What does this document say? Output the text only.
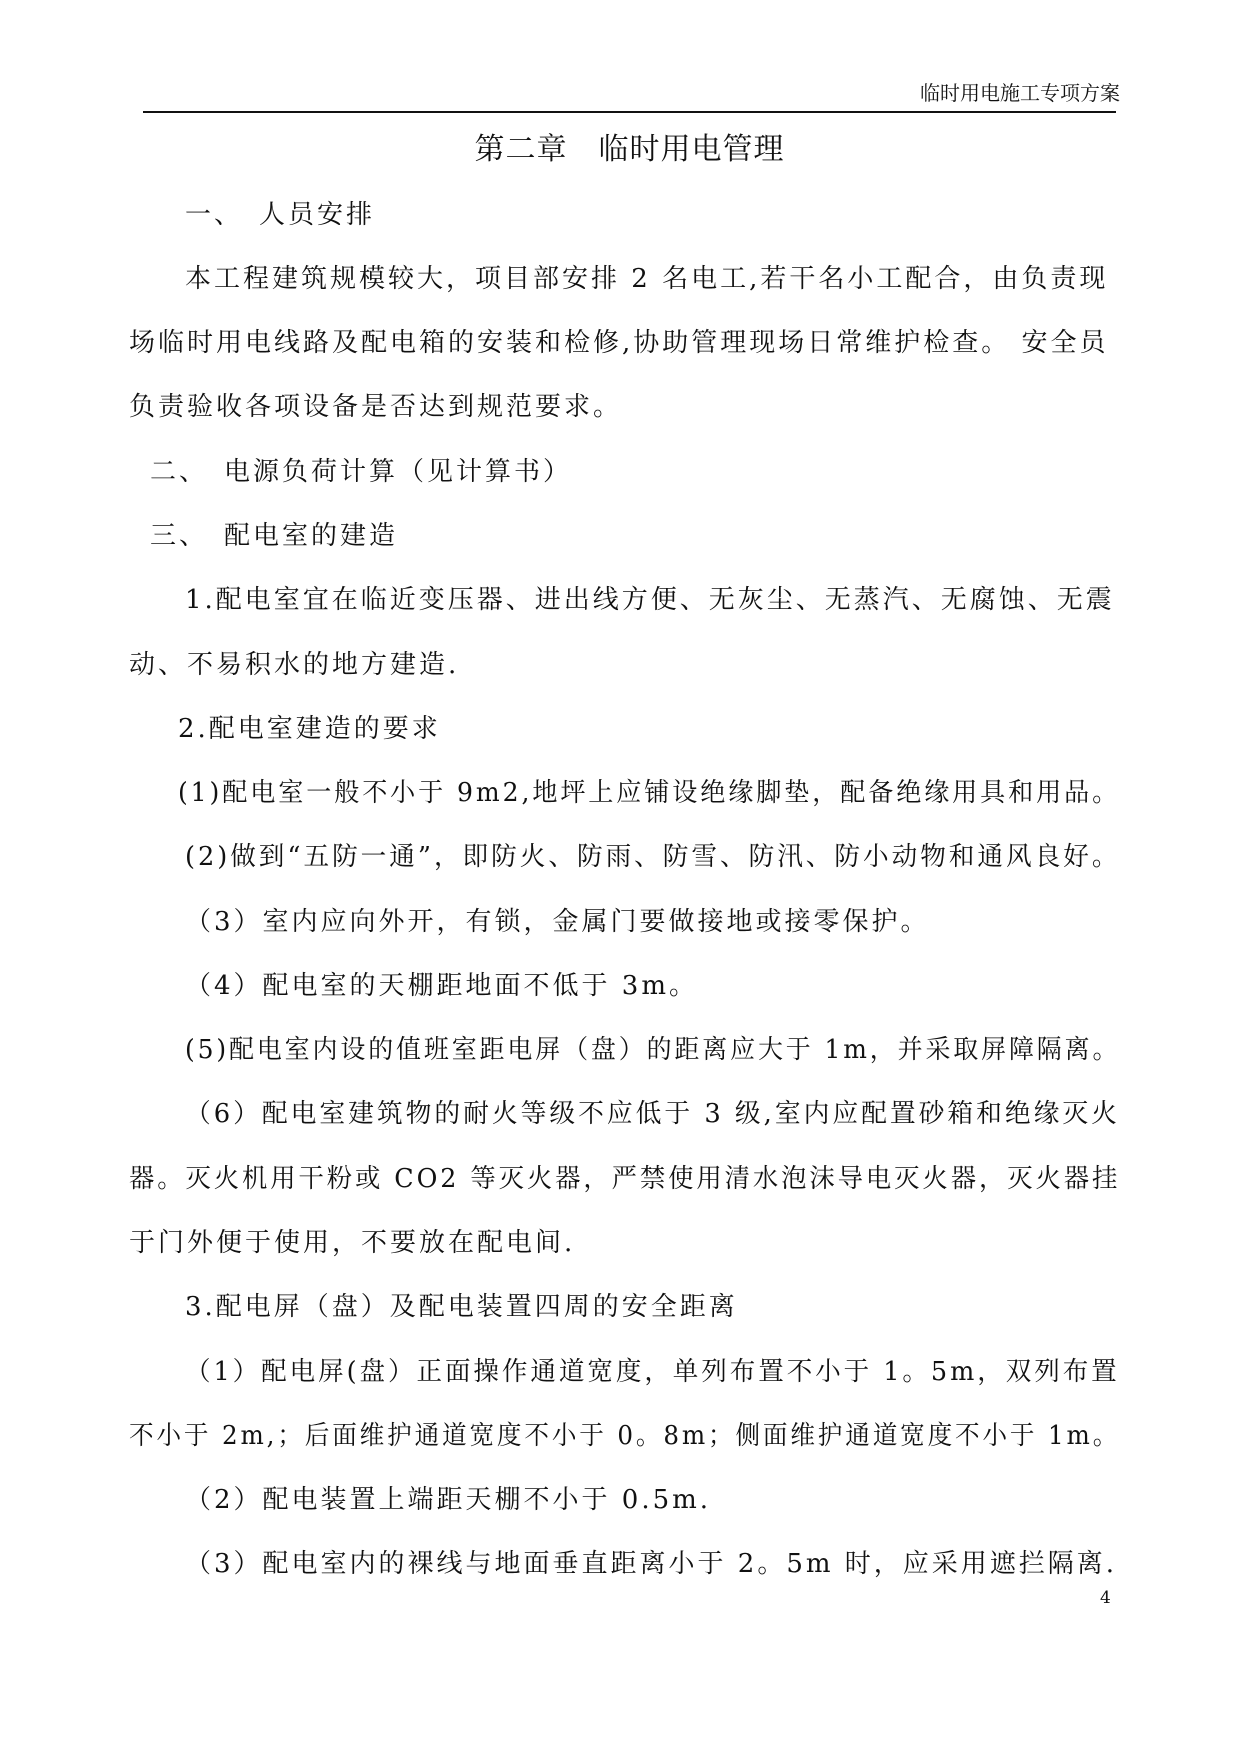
临时用电施工专项方案
第二章　临时用电管理
一、　人员安排
本工程建筑规模较大，项目部安排 2 名电工,若干名小工配合，由负责现
场临时用电线路及配电箱的安装和检修,协助管理现场日常维护检查。 安全员
负责验收各项设备是否达到规范要求。
二、　电源负荷计算（见计算书）
三、　配电室的建造
1.配电室宜在临近变压器、进出线方便、无灰尘、无蒸汽、无腐蚀、无震
动、不易积水的地方建造.
2.配电室建造的要求
(1)配电室一般不小于 9m2,地坪上应铺设绝缘脚垫，配备绝缘用具和用品。
(2)做到“五防一通”，即防火、防雨、防雪、防汛、防小动物和通风良好。
（3）室内应向外开，有锁，金属门要做接地或接零保护。
（4）配电室的天棚距地面不低于 3m。
(5)配电室内设的值班室距电屏（盘）的距离应大于 1m，并采取屏障隔离。
（6）配电室建筑物的耐火等级不应低于 3 级,室内应配置砂箱和绝缘灭火
器。灭火机用干粉或 CO2 等灭火器，严禁使用清水泡沫导电灭火器，灭火器挂
于门外便于使用，不要放在配电间.
3.配电屏（盘）及配电装置四周的安全距离
（1）配电屏(盘）正面操作通道宽度，单列布置不小于 1。5m，双列布置
不小于 2m,；后面维护通道宽度不小于 0。8m；侧面维护通道宽度不小于 1m。
（2）配电装置上端距天棚不小于 0.5m.
（3）配电室内的裸线与地面垂直距离小于 2。5m 时，应采用遮拦隔离.
4
